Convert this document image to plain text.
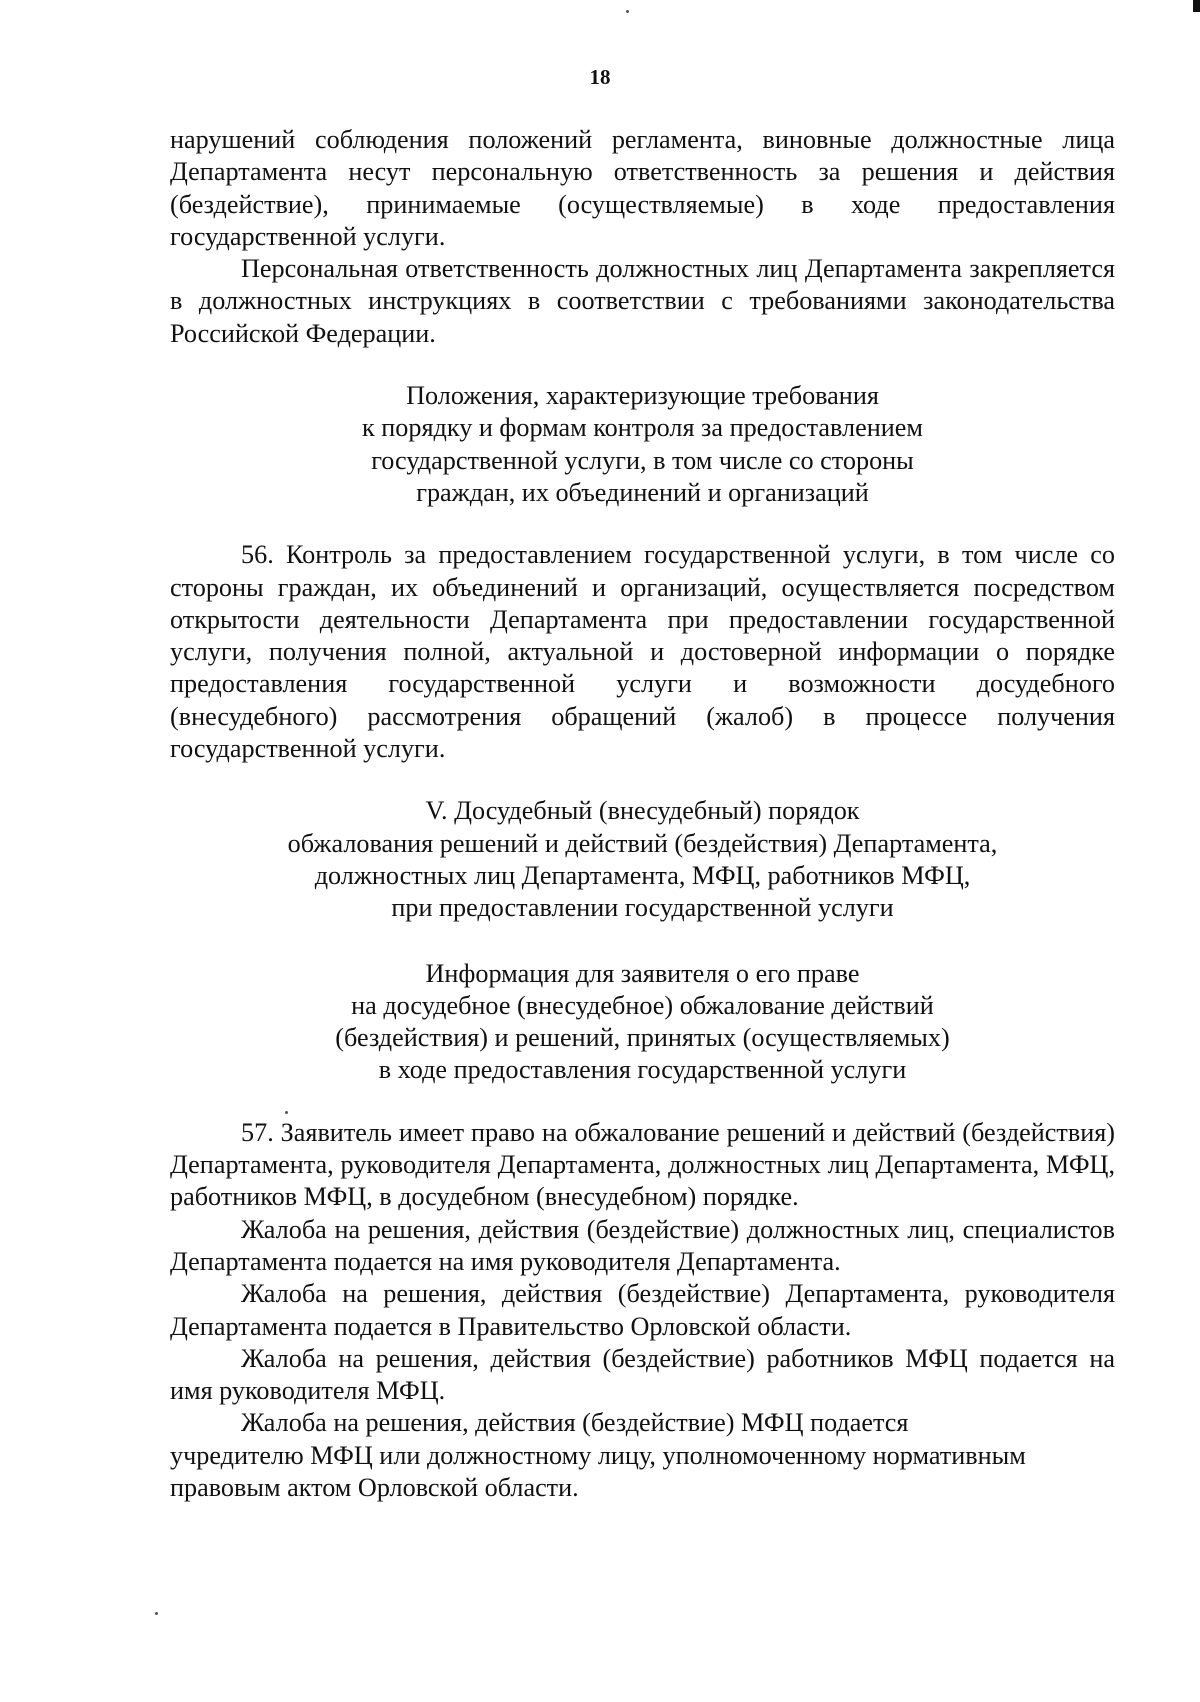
18

нарушений соблюдения положений регламента, виновные должностные лица Департамента несут персональную ответственность за решения и действия (бездействие), принимаемые (осуществляемые) в ходе предоставления государственной услуги.

Персональная ответственность должностных лиц Департамента закрепляется в должностных инструкциях в соответствии с требованиями законодательства Российской Федерации.

Положения, характеризующие требования
к порядку и формам контроля за предоставлением
государственной услуги, в том числе со стороны
граждан, их объединений и организаций

56. Контроль за предоставлением государственной услуги, в том числе со стороны граждан, их объединений и организаций, осуществляется посредством открытости деятельности Департамента при предоставлении государственной услуги, получения полной, актуальной и достоверной информации о порядке предоставления государственной услуги и возможности досудебного (внесудебного) рассмотрения обращений (жалоб) в процессе получения государственной услуги.

V. Досудебный (внесудебный) порядок
обжалования решений и действий (бездействия) Департамента,
должностных лиц Департамента, МФЦ, работников МФЦ,
при предоставлении государственной услуги

Информация для заявителя о его праве
на досудебное (внесудебное) обжалование действий
(бездействия) и решений, принятых (осуществляемых)
в ходе предоставления государственной услуги

57. Заявитель имеет право на обжалование решений и действий (бездействия) Департамента, руководителя Департамента, должностных лиц Департамента, МФЦ, работников МФЦ, в досудебном (внесудебном) порядке.

Жалоба на решения, действия (бездействие) должностных лиц, специалистов Департамента подается на имя руководителя Департамента.

Жалоба на решения, действия (бездействие) Департамента, руководителя Департамента подается в Правительство Орловской области.

Жалоба на решения, действия (бездействие) работников МФЦ подается на имя руководителя МФЦ.

Жалоба на решения, действия (бездействие) МФЦ подается
учредителю МФЦ или должностному лицу, уполномоченному нормативным
правовым актом Орловской области.
